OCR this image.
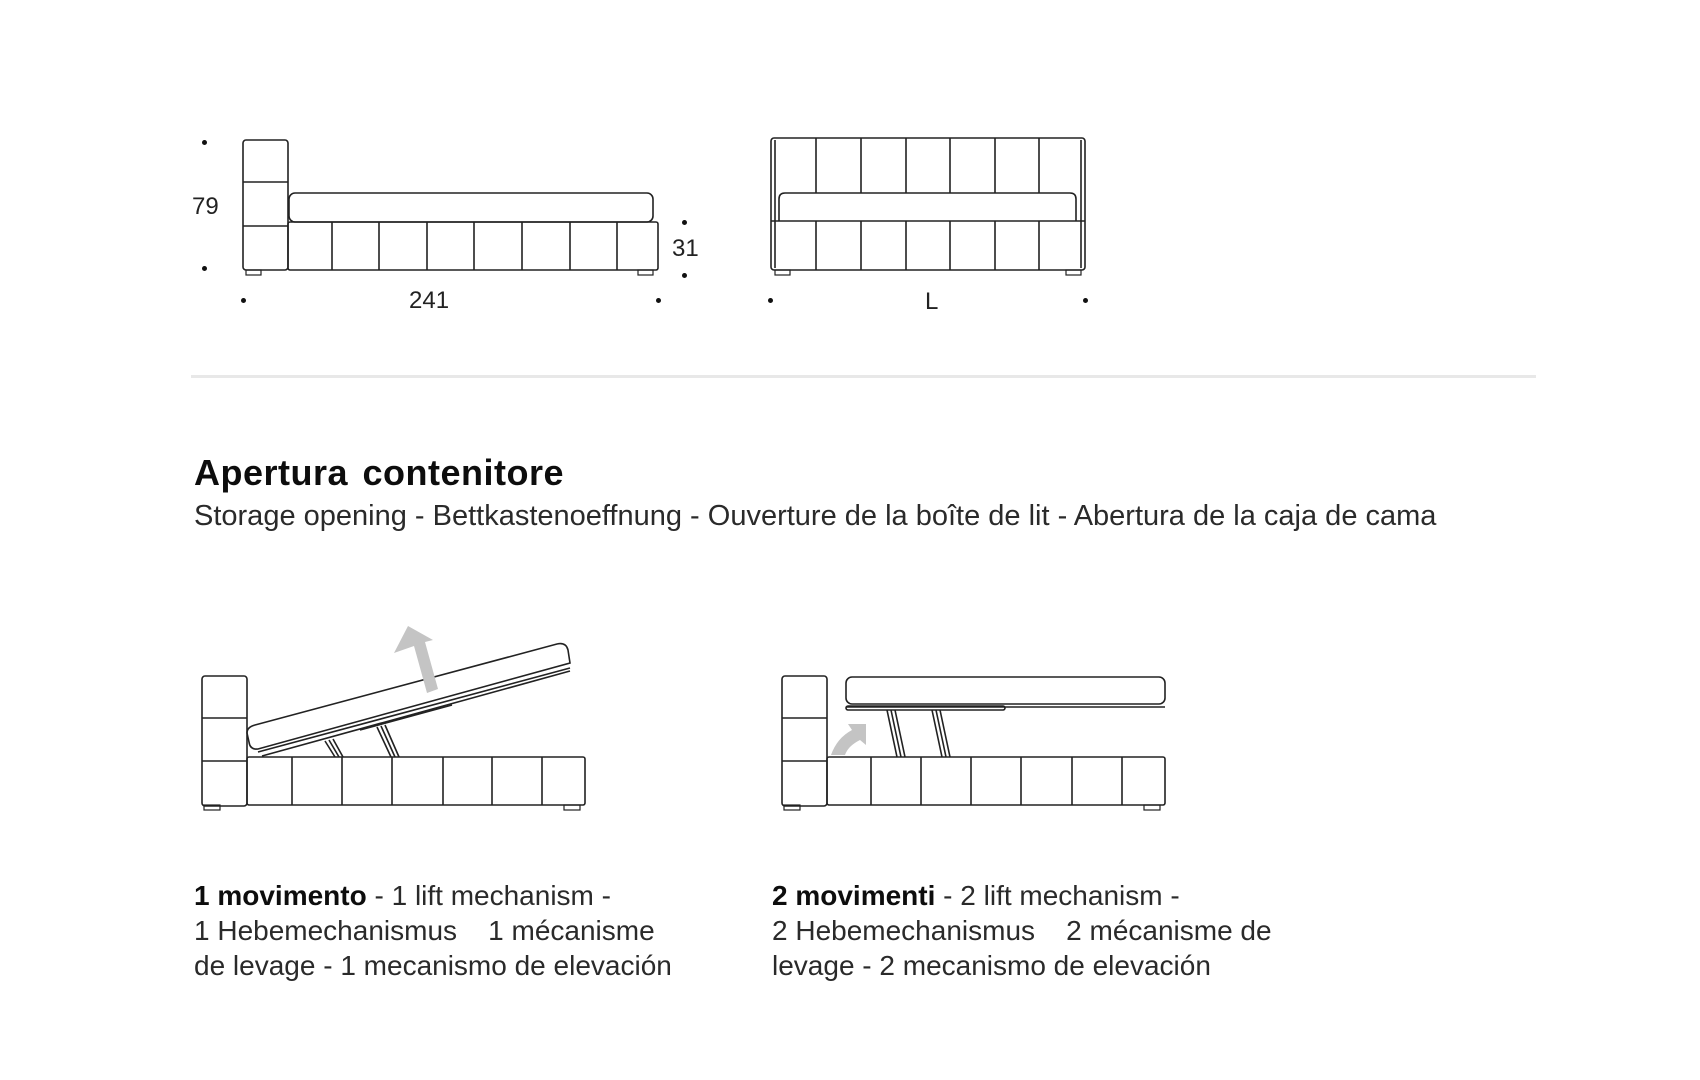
79
31
241	L
Apertura contenitore
Storage opening - Bettkastenoeffnung - Ouverture de la boîte de lit - Abertura de la caja de cama
1 movimento - 1 lift mechanism -
1 Hebemechanismus    1 mécanisme
de levage - 1 mecanismo de elevación
2 movimenti - 2 lift mechanism -
2 Hebemechanismus    2 mécanisme de
levage - 2 mecanismo de elevación
